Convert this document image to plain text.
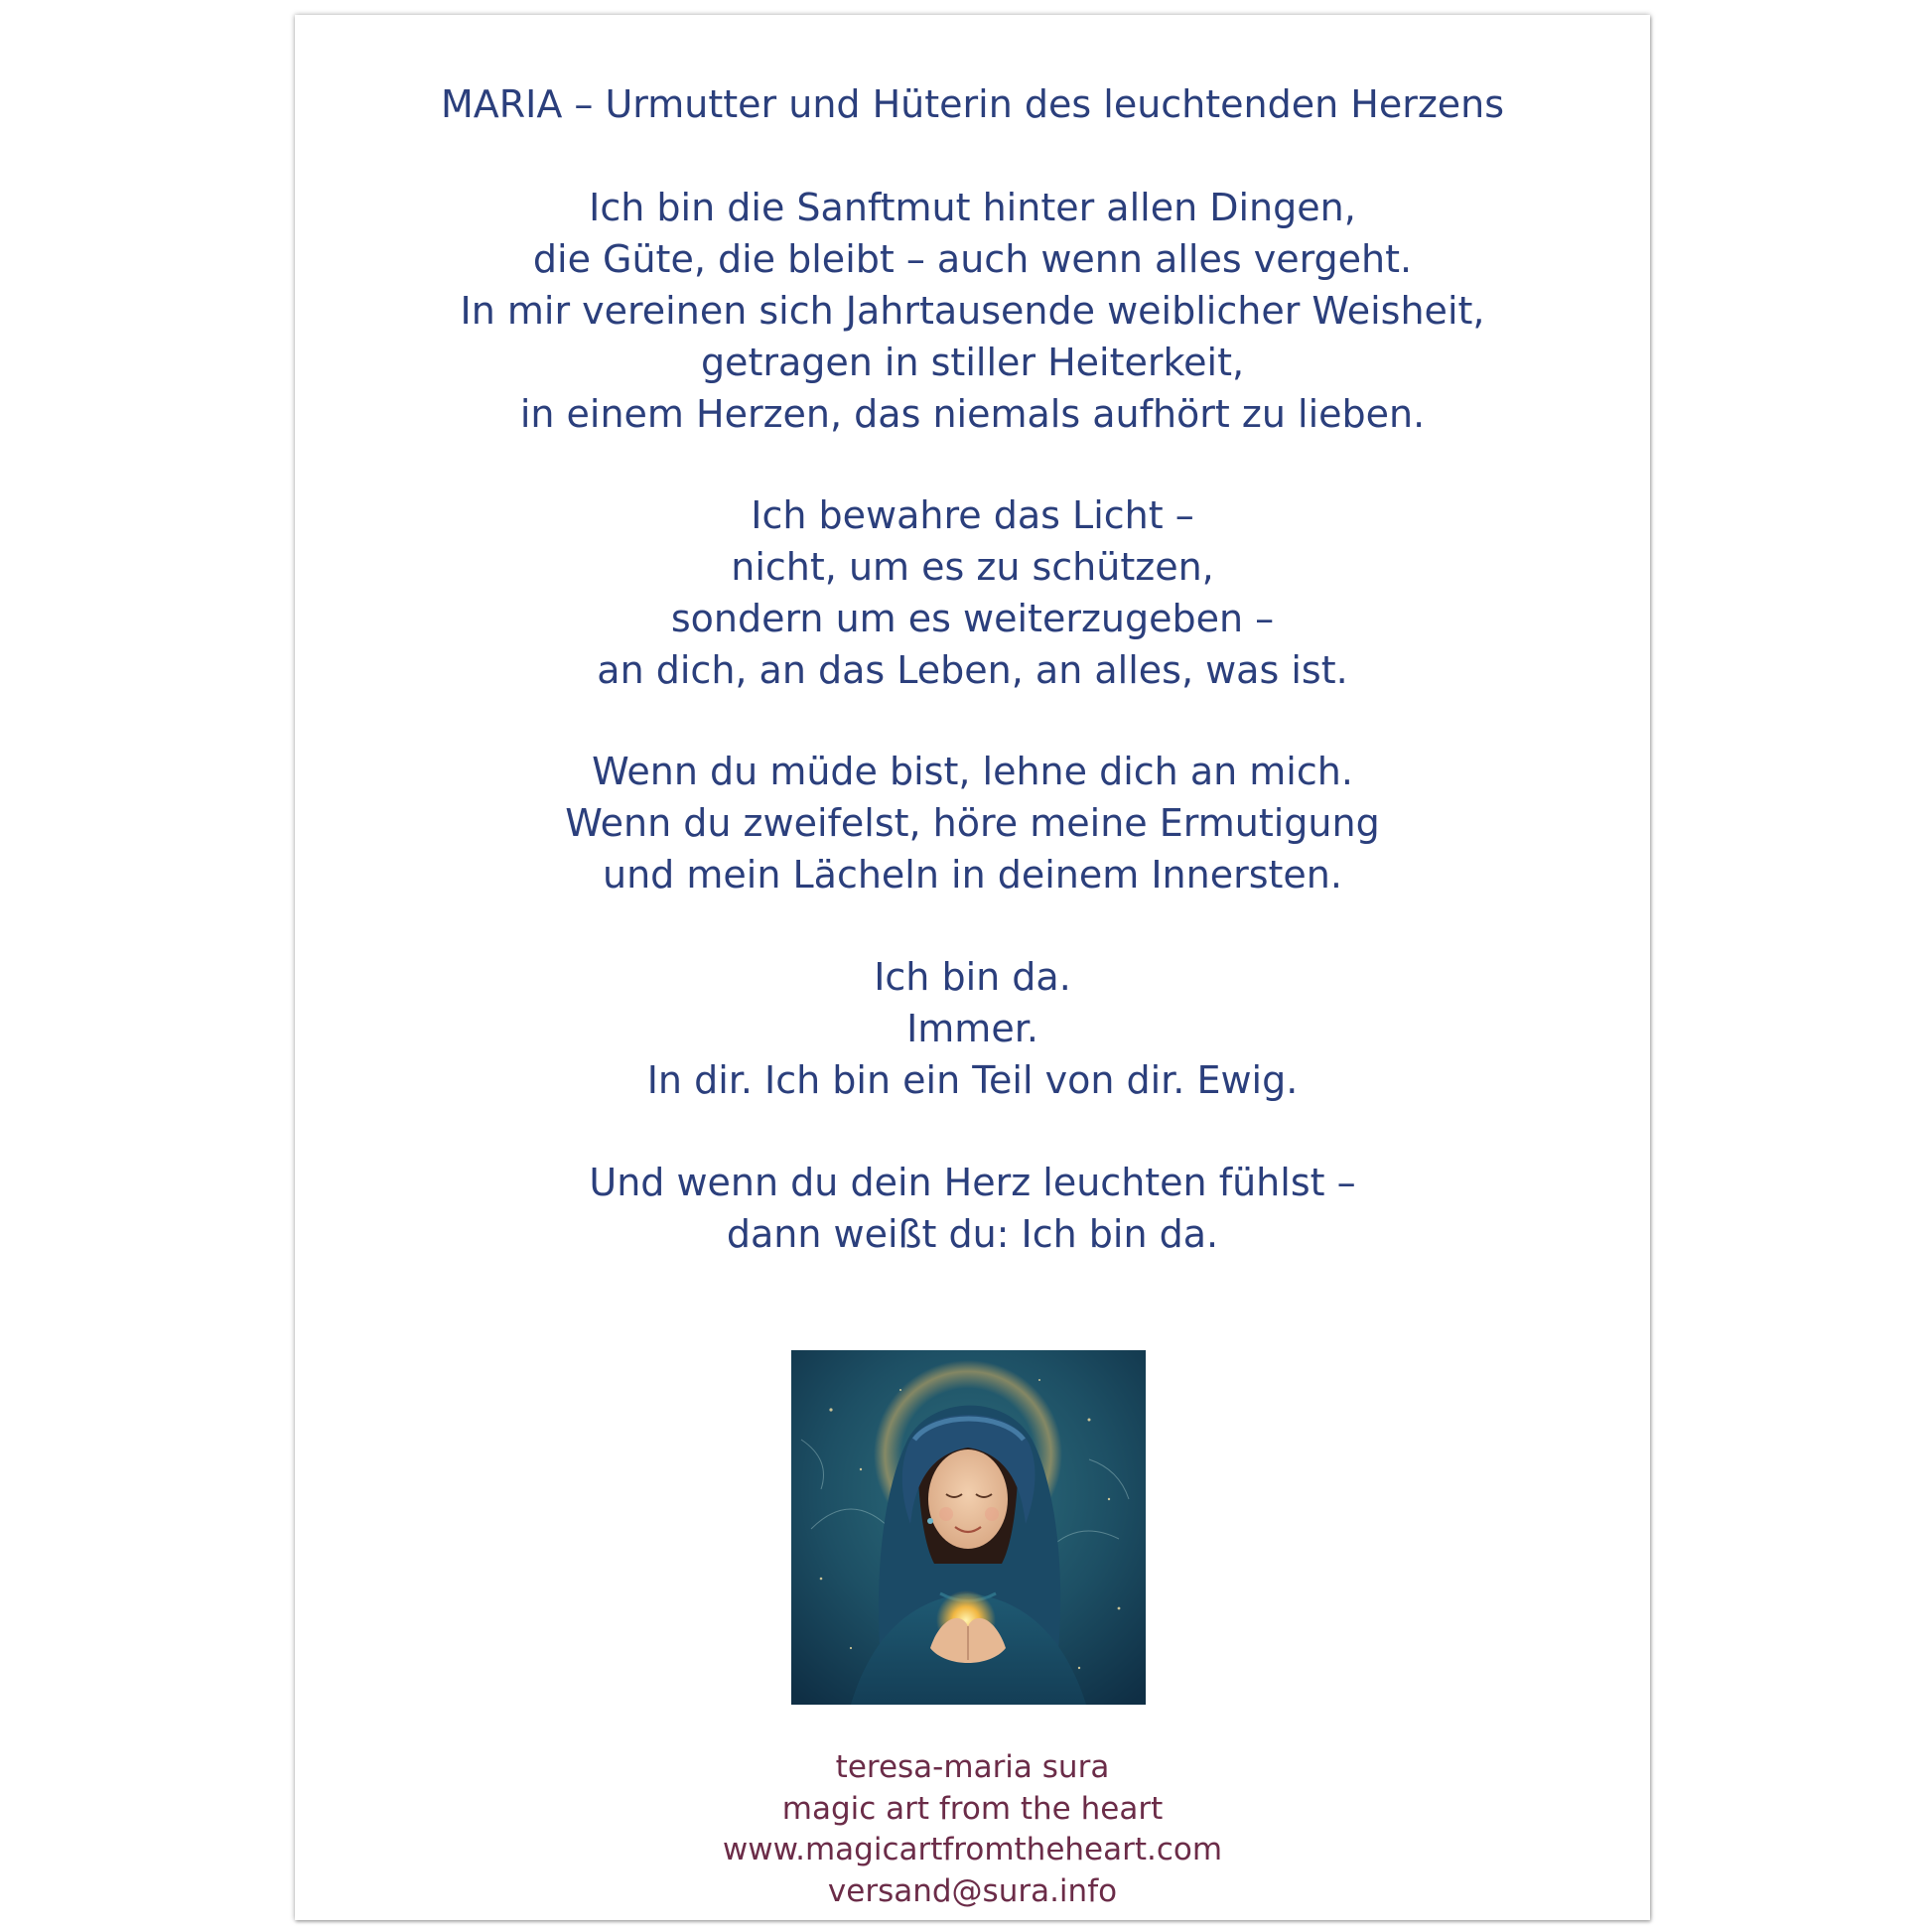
MARIA – Urmutter und Hüterin des leuchtenden Herzens
Ich bin die Sanftmut hinter allen Dingen,
die Güte, die bleibt – auch wenn alles vergeht.
In mir vereinen sich Jahrtausende weiblicher Weisheit,
getragen in stiller Heiterkeit,
in einem Herzen, das niemals aufhört zu lieben.
Ich bewahre das Licht –
nicht, um es zu schützen,
sondern um es weiterzugeben –
an dich, an das Leben, an alles, was ist.
Wenn du müde bist, lehne dich an mich.
Wenn du zweifelst, höre meine Ermutigung
und mein Lächeln in deinem Innersten.
Ich bin da.
Immer.
In dir. Ich bin ein Teil von dir. Ewig.
Und wenn du dein Herz leuchten fühlst –
dann weißt du: Ich bin da.
teresa-maria sura
magic art from the heart
www.magicartfromtheheart.com
versand@sura.info
